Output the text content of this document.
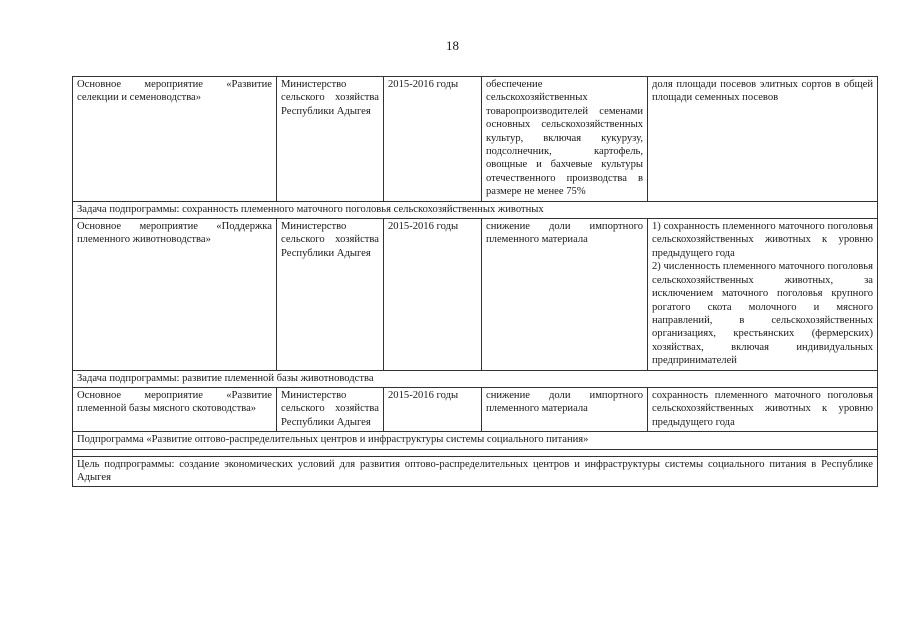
18
Основное мероприятие «Развитие селекции и семеноводства»	Министерство сельского хозяйства Республики Адыгея	2015-2016 годы	обеспечение сельскохозяйственных товаропроизводителей семенами основных сельскохозяйственных культур, включая кукурузу, подсолнечник, картофель, овощные и бахчевые культуры отечественного производства в размере не менее 75%	доля площади посевов элитных сортов в общей площади семенных посевов
Задача подпрограммы: сохранность племенного маточного поголовья сельскохозяйственных животных				
Основное мероприятие «Поддержка племенного животноводства»	Министерство сельского хозяйства Республики Адыгея	2015-2016 годы	снижение доли импортного племенного материала	1) сохранность племенного маточного поголовья сельскохозяйственных животных к уровню предыдущего года
2) численность племенного маточного поголовья сельскохозяйственных животных, за исключением маточного поголовья крупного рогатого скота молочного и мясного направлений, в сельскохозяйственных организациях, крестьянских (фермерских) хозяйствах, включая индивидуальных предпринимателей

Задача подпрограммы: развитие племенной базы животноводства				
Основное мероприятие «Развитие племенной базы мясного скотоводства»	Министерство сельского хозяйства Республики Адыгея	2015-2016 годы	снижение доли импортного племенного материала	сохранность племенного маточного поголовья сельскохозяйственных животных к уровню предыдущего года
Подпрограмма «Развитие оптово-распределительных центров и инфраструктуры системы социального питания»				

Цель подпрограммы: создание экономических условий для развития оптово-распределительных центров и инфраструктуры системы социального питания в Республике Адыгея				
